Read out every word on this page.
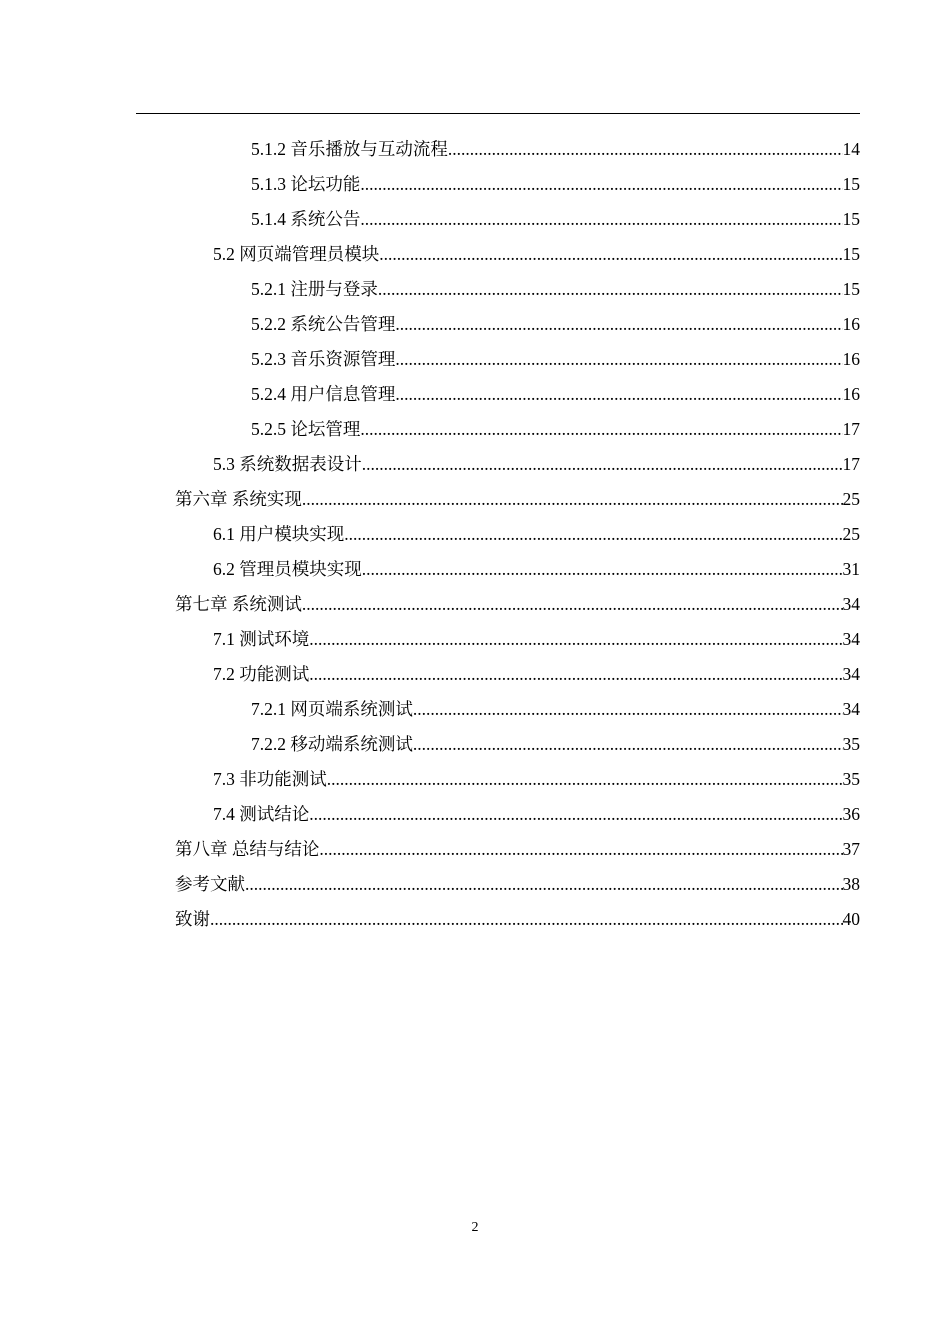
5.1.2 音乐播放与互动流程 .....	14
5.1.3 论坛功能 .....	15
5.1.4 系统公告 .....	15
5.2 网页端管理员模块 .....	15
5.2.1 注册与登录 .....	15
5.2.2 系统公告管理 .....	16
5.2.3 音乐资源管理 .....	16
5.2.4 用户信息管理 .....	16
5.2.5 论坛管理 .....	17
5.3 系统数据表设计 .....	17
第六章 系统实现 .....	25
6.1 用户模块实现 .....	25
6.2 管理员模块实现 .....	31
第七章 系统测试 .....	34
7.1 测试环境 .....	34
7.2 功能测试 .....	34
7.2.1 网页端系统测试 .....	34
7.2.2 移动端系统测试 .....	35
7.3 非功能测试 .....	35
7.4 测试结论 .....	36
第八章 总结与结论 .....	37
参考文献 .....	38
致谢 .....	40
2
